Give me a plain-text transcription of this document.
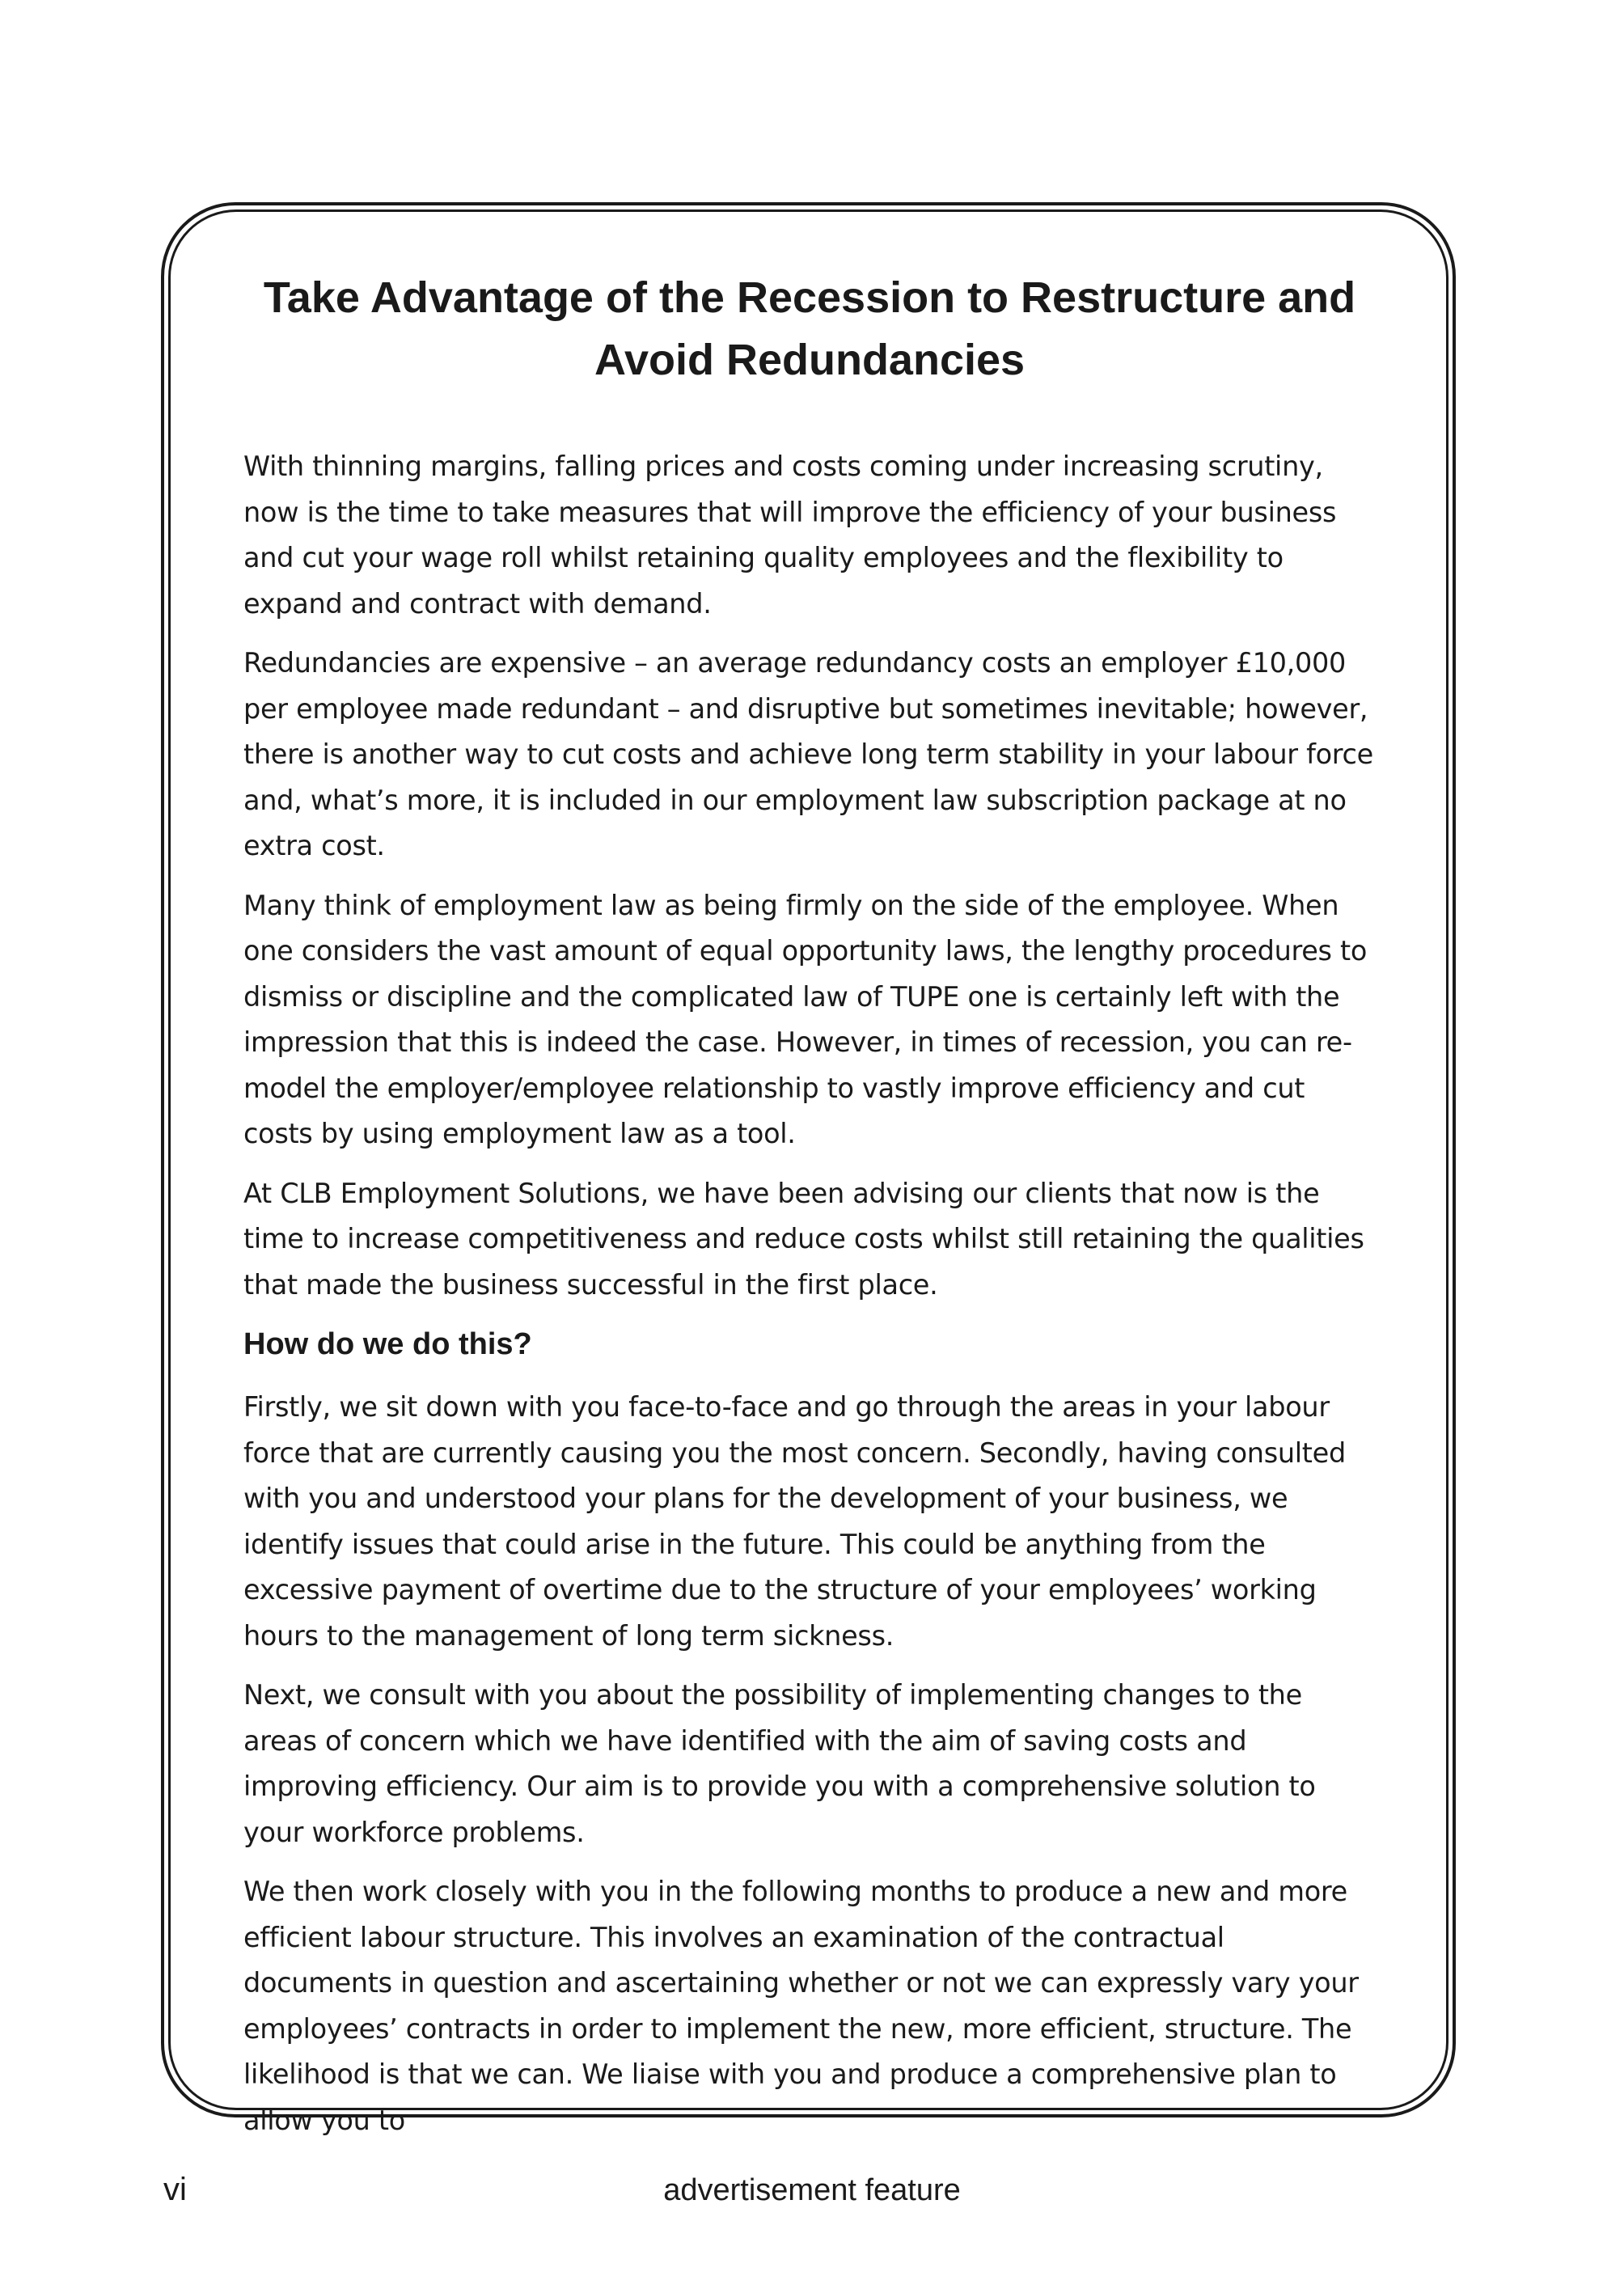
Take Advantage of the Recession to Restructure and Avoid Redundancies

With thinning margins, falling prices and costs coming under increasing scrutiny, now is the time to take measures that will improve the efficiency of your business and cut your wage roll whilst retaining quality employees and the flexibility to expand and contract with demand.

Redundancies are expensive – an average redundancy costs an employer £10,000 per employee made redundant – and disruptive but sometimes inevitable; however, there is another way to cut costs and achieve long term stability in your labour force and, what’s more, it is included in our employment law subscription package at no extra cost.

Many think of employment law as being firmly on the side of the employee. When one considers the vast amount of equal opportunity laws, the lengthy procedures to dismiss or discipline and the complicated law of TUPE one is certainly left with the impression that this is indeed the case. However, in times of recession, you can re-model the employer/employee relationship to vastly improve efficiency and cut costs by using employment law as a tool.

At CLB Employment Solutions, we have been advising our clients that now is the time to increase competitiveness and reduce costs whilst still retaining the qualities that made the business successful in the first place.

How do we do this?

Firstly, we sit down with you face-to-face and go through the areas in your labour force that are currently causing you the most concern. Secondly, having consulted with you and understood your plans for the development of your business, we identify issues that could arise in the future. This could be anything from the excessive payment of overtime due to the structure of your employees’ working hours to the management of long term sickness.

Next, we consult with you about the possibility of implementing changes to the areas of concern which we have identified with the aim of saving costs and improving efficiency. Our aim is to provide you with a comprehensive solution to your workforce problems.

We then work closely with you in the following months to produce a new and more efficient labour structure. This involves an examination of the contractual documents in question and ascertaining whether or not we can expressly vary your employees’ contracts in order to implement the new, more efficient, structure. The likelihood is that we can. We liaise with you and produce a comprehensive plan to allow you to

vi	advertisement feature
